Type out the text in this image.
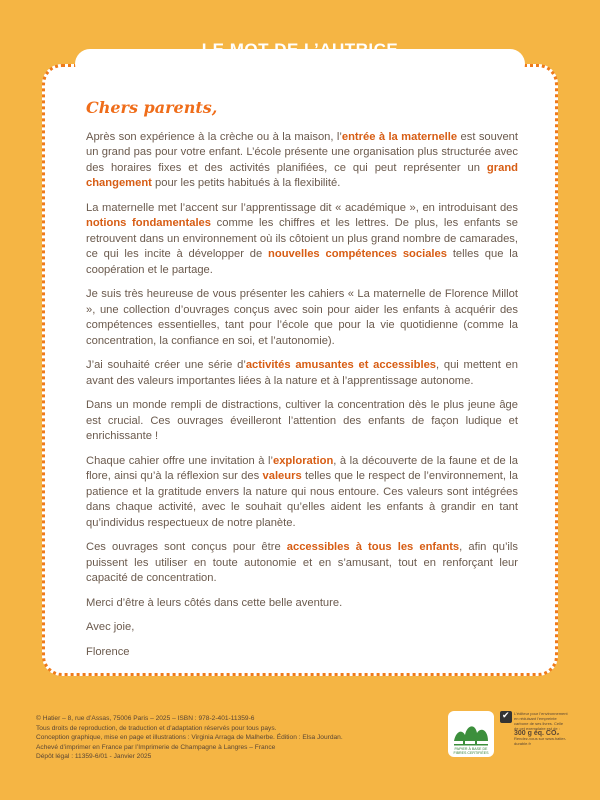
Chers parents,

Après son expérience à la crèche ou à la maison, l’entrée à la maternelle est souvent un grand pas pour votre enfant. L’école présente une organisation plus structurée avec des horaires fixes et des activités planifiées, ce qui peut représenter un grand changement pour les petits habitués à la flexibilité.

La maternelle met l’accent sur l’apprentissage dit « académique », en introduisant des notions fondamentales comme les chiffres et les lettres. De plus, les enfants se retrouvent dans un environnement où ils côtoient un plus grand nombre de camarades, ce qui les incite à développer de nouvelles compétences sociales telles que la coopération et le partage.

Je suis très heureuse de vous présenter les cahiers « La maternelle de Florence Millot », une collection d’ouvrages conçus avec soin pour aider les enfants à acquérir des compétences essentielles, tant pour l’école que pour la vie quotidienne (comme la concentration, la confiance en soi, et l’autonomie).

J’ai souhaité créer une série d’activités amusantes et accessibles, qui mettent en avant des valeurs importantes liées à la nature et à l’apprentissage autonome.

Dans un monde rempli de distractions, cultiver la concentration dès le plus jeune âge est crucial. Ces ouvrages éveilleront l’attention des enfants de façon ludique et enrichissante !

Chaque cahier offre une invitation à l’exploration, à la découverte de la faune et de la flore, ainsi qu’à la réflexion sur des valeurs telles que le respect de l’environnement, la patience et la gratitude envers la nature qui nous entoure. Ces valeurs sont intégrées dans chaque activité, avec le souhait qu’elles aident les enfants à grandir en tant qu’individus respectueux de notre planète.

Ces ouvrages sont conçus pour être accessibles à tous les enfants, afin qu’ils puissent les utiliser en toute autonomie et en s’amusant, tout en renforçant leur capacité de concentration.

Merci d’être à leurs côtés dans cette belle aventure.

Avec joie,

Florence

© Hatier – 8, rue d’Assas, 75006 Paris – 2025 – ISBN : 978-2-401-11359-6
Tous droits de reproduction, de traduction et d’adaptation réservés pour tous pays.
Conception graphique, mise en page et illustrations : Virginia Arraga de Malherbe. Édition : Elsa Jourdan.
Achevé d’imprimer en France par l’Imprimerie de Champagne à Langres – France
Dépôt légal : 11359-6/01 - Janvier 2025
PAPIER À BASE DE FIBRES CERTIFIÉES
✔ L’éditeur pour l’environnement en réduisant l’empreinte carbone de ses livres. Celle de cet exemplaire est de :
300 g éq. CO₂
Rendez-vous sur www.hatier-durable.fr
